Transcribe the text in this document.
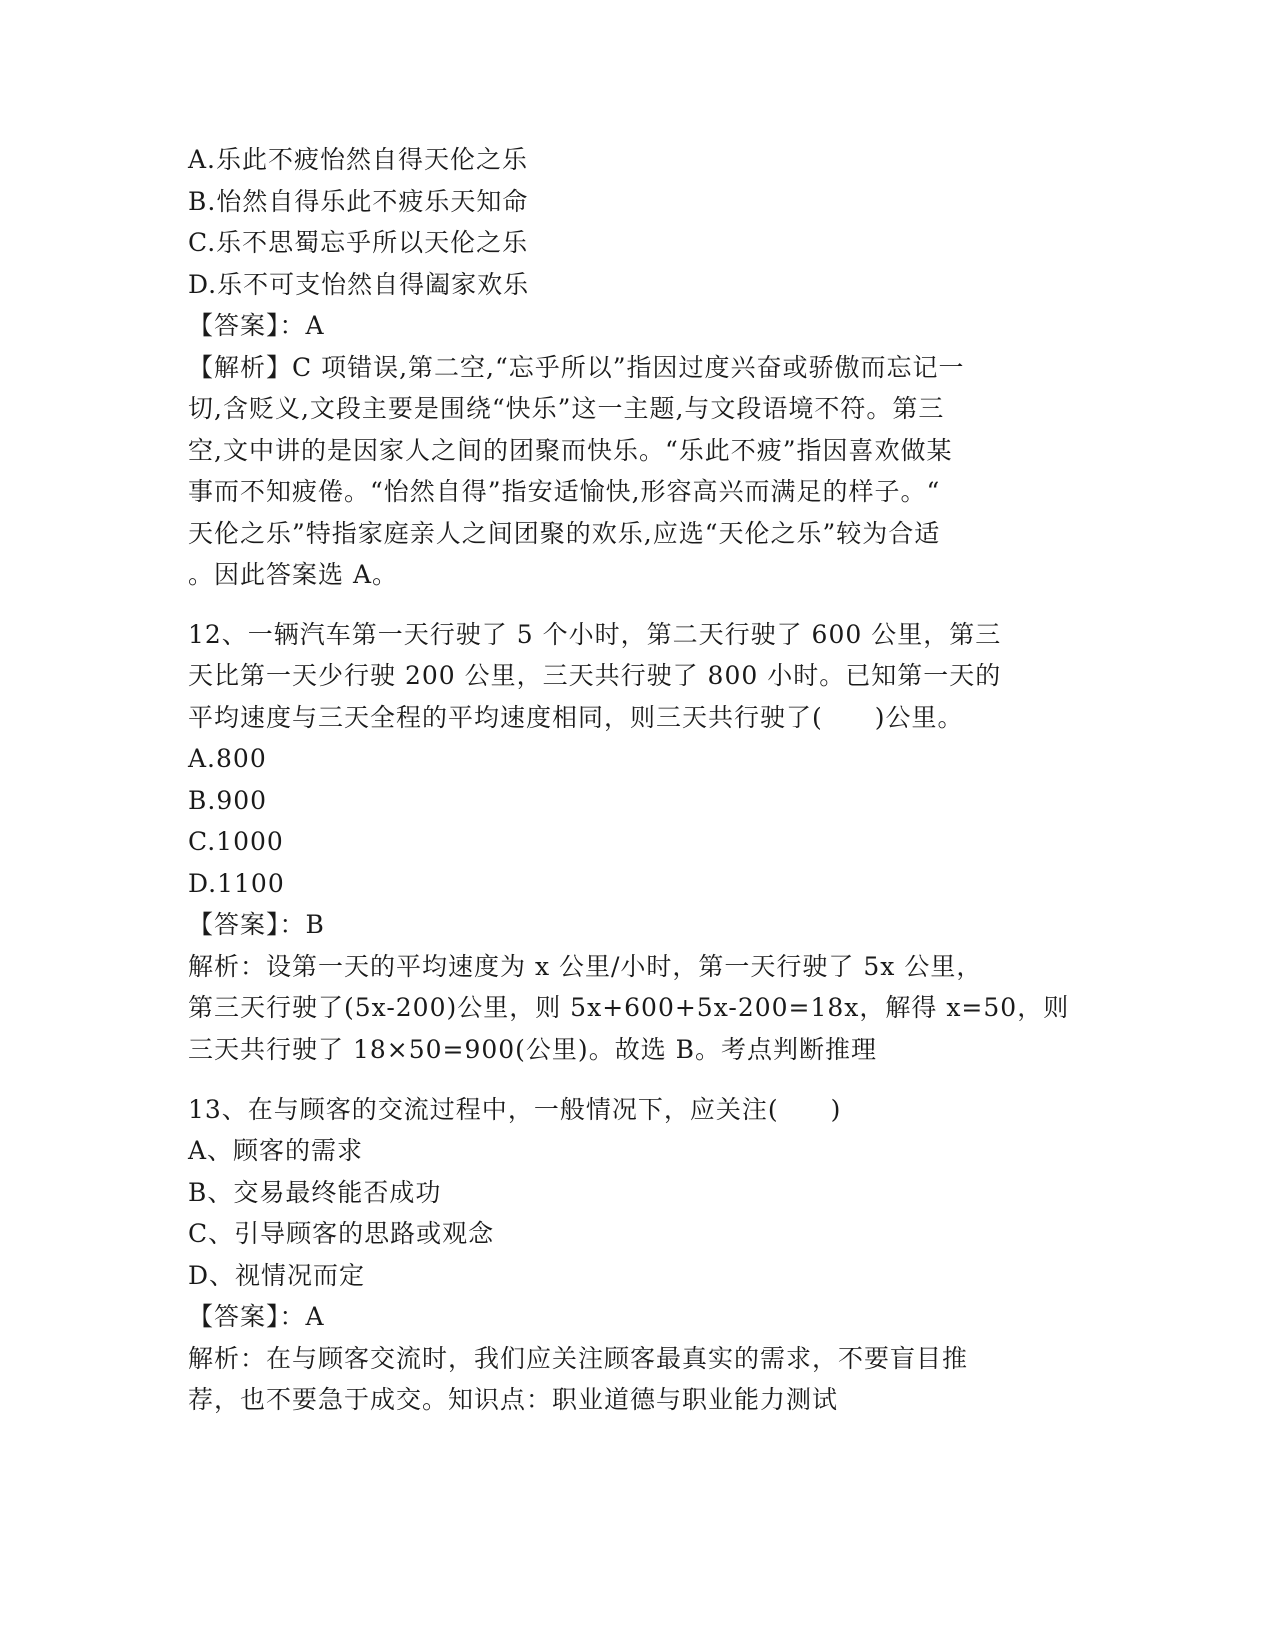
A.乐此不疲怡然自得天伦之乐
B.怡然自得乐此不疲乐天知命
C.乐不思蜀忘乎所以天伦之乐
D.乐不可支怡然自得阖家欢乐
【答案】：A
【解析】C 项错误,第二空,“忘乎所以”指因过度兴奋或骄傲而忘记一
切,含贬义,文段主要是围绕“快乐”这一主题,与文段语境不符。第三
空,文中讲的是因家人之间的团聚而快乐。“乐此不疲”指因喜欢做某
事而不知疲倦。“怡然自得”指安适愉快,形容高兴而满足的样子。“
天伦之乐”特指家庭亲人之间团聚的欢乐,应选“天伦之乐”较为合适
。因此答案选 A。
12、一辆汽车第一天行驶了 5 个小时，第二天行驶了 600 公里，第三
天比第一天少行驶 200 公里，三天共行驶了 800 小时。已知第一天的
平均速度与三天全程的平均速度相同，则三天共行驶了(　　)公里。
A.800
B.900
C.1000
D.1100
【答案】：B
解析：设第一天的平均速度为 x 公里/小时，第一天行驶了 5x 公里，
第三天行驶了(5x-200)公里，则 5x+600+5x-200=18x，解得 x=50，则
三天共行驶了 18×50=900(公里)。故选 B。考点判断推理
13、在与顾客的交流过程中，一般情况下，应关注(　　)
A、顾客的需求
B、交易最终能否成功
C、引导顾客的思路或观念
D、视情况而定
【答案】：A
解析：在与顾客交流时，我们应关注顾客最真实的需求，不要盲目推
荐，也不要急于成交。知识点：职业道德与职业能力测试
